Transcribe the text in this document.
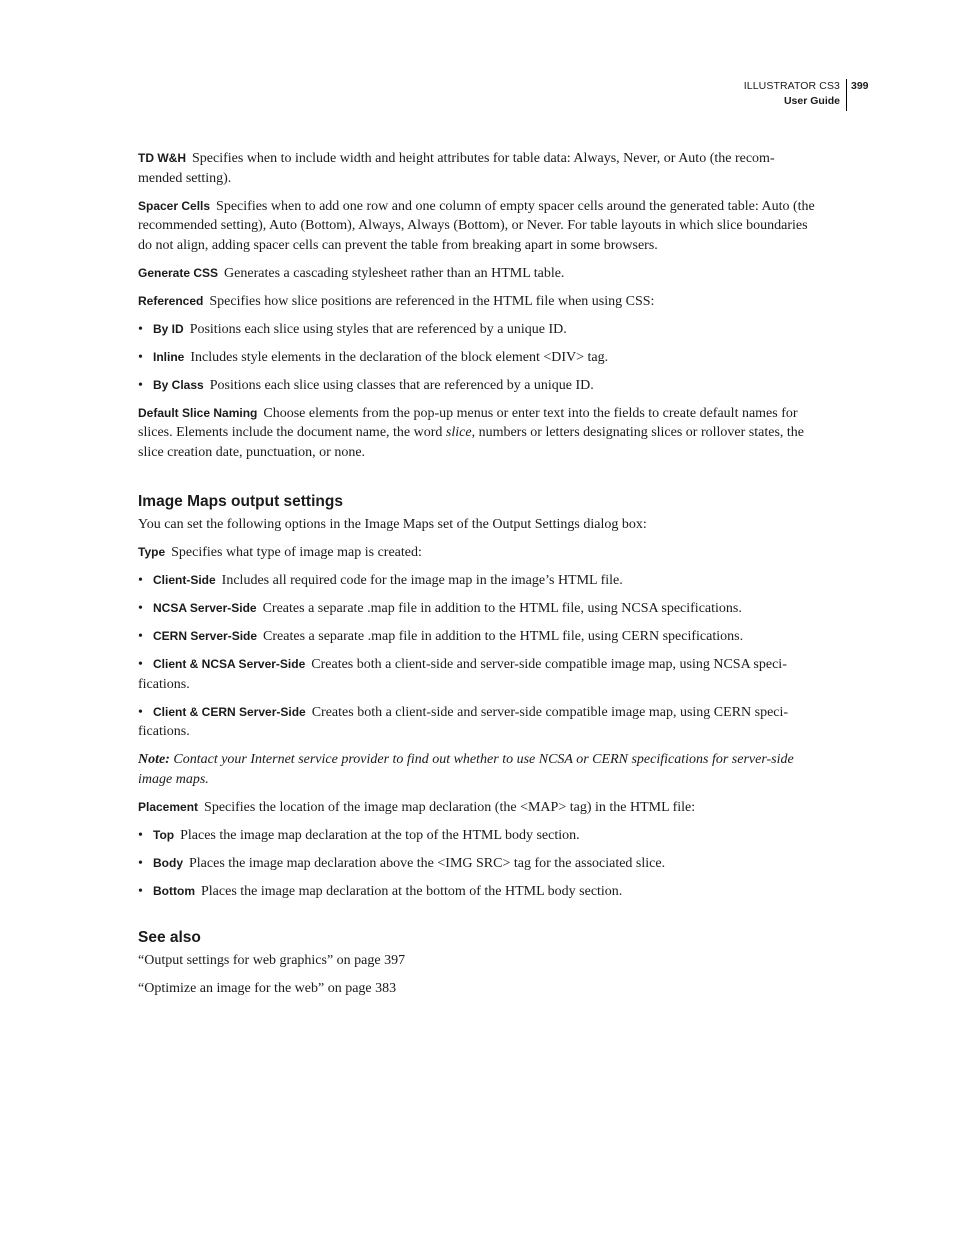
ILLUSTRATOR CS3
User Guide
399

TD W&H Specifies when to include width and height attributes for table data: Always, Never, or Auto (the recom-mended setting).

Spacer Cells Specifies when to add one row and one column of empty spacer cells around the generated table: Auto (the recommended setting), Auto (Bottom), Always, Always (Bottom), or Never. For table layouts in which slice boundaries do not align, adding spacer cells can prevent the table from breaking apart in some browsers.

Generate CSS Generates a cascading stylesheet rather than an HTML table.

Referenced Specifies how slice positions are referenced in the HTML file when using CSS:

• By ID Positions each slice using styles that are referenced by a unique ID.

• Inline Includes style elements in the declaration of the block element <DIV> tag.

• By Class Positions each slice using classes that are referenced by a unique ID.

Default Slice Naming Choose elements from the pop-up menus or enter text into the fields to create default names for slices. Elements include the document name, the word slice, numbers or letters designating slices or rollover states, the slice creation date, punctuation, or none.

Image Maps output settings

You can set the following options in the Image Maps set of the Output Settings dialog box:

Type Specifies what type of image map is created:

• Client-Side Includes all required code for the image map in the image’s HTML file.

• NCSA Server-Side Creates a separate .map file in addition to the HTML file, using NCSA specifications.

• CERN Server-Side Creates a separate .map file in addition to the HTML file, using CERN specifications.

• Client & NCSA Server-Side Creates both a client-side and server-side compatible image map, using NCSA speci-fications.

• Client & CERN Server-Side Creates both a client-side and server-side compatible image map, using CERN speci-fications.

Note: Contact your Internet service provider to find out whether to use NCSA or CERN specifications for server-side image maps.

Placement Specifies the location of the image map declaration (the <MAP> tag) in the HTML file:

• Top Places the image map declaration at the top of the HTML body section.

• Body Places the image map declaration above the <IMG SRC> tag for the associated slice.

• Bottom Places the image map declaration at the bottom of the HTML body section.

See also

“Output settings for web graphics” on page 397

“Optimize an image for the web” on page 383
